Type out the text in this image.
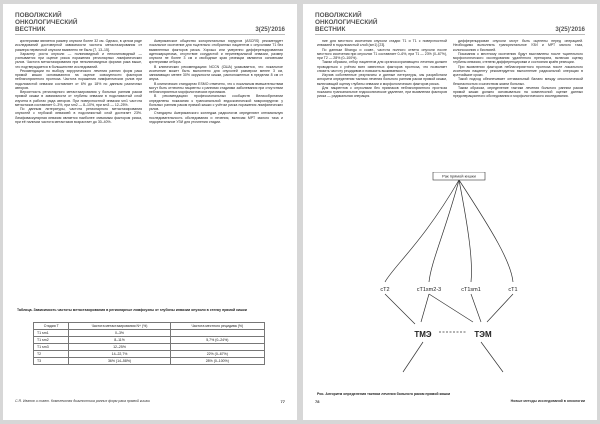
ПОВОЛЖСКИЙ
ОНКОЛОГИЧЕСКИЙ
ВЕСТНИК	3(25)'2016

критериями является размер опухоли более 32 см. Однако, в целом ряде исследований достоверной зависимости частоты метастазирования от размера первичной опухоли выявлено не было [7, 13–15].

Характер роста опухоли — полиповидный и неполиповидный — учитывается при оценке риска поражения регионарных лимфатических узлов. Частота метастазирования при неполиповидных формах рака выше, что подтверждается в большинстве исследований.

Рекомендации по выбору хирургического лечения ранних форм рака прямой кишки основываются на оценке совокупности факторов неблагоприятного прогноза. Частота поражения лимфатических узлов при подслизистой инвазии составляет от 6% до 18% по данным различных авторов.

Вероятность регионарного метастазирования у больных ранним раком прямой кишки в зависимости от глубины инвазии в подслизистый слой изучена в работах ряда авторов. При поверхностной инвазии sm1 частота метастазов составляет 0–3%, при sm2 — 8–10%, при sm3 — 12–25%.

По данным литературы, частота регионарного метастазирования опухолей с глубокой инвазией в подслизистый слой достигает 23%. Лимфоваскулярная инвазия является наиболее значимым фактором риска, при её наличии частота метастазов возрастает до 30–40%.

Американское общество колоректальных хирургов (ASCRS) рекомендует локальное иссечение для тщательно отобранных пациентов с опухолями T1 без выявленных факторов риска. Хорошо или умеренно дифференцированная аденокарцинома, отсутствие сосудистой и периневральной инвазии, размер опухоли не более 3 см и свободные края резекции являются основными критериями отбора.

В клинических рекомендациях NCCN (США) указывается, что локальное иссечение может быть выполнено для опухолей размером менее 3 см, занимающих менее 30% окружности кишки, расположенных в пределах 8 см от ануса.

В клинических стандартах ESMO отмечено, что к локальным вмешательствам могут быть отнесены пациенты с ранними стадиями заболевания при отсутствии неблагоприятных морфологических признаков.

В рекомендациях профессиональных сообществ Великобритании определены показания к трансанальной эндоскопической микрохирургии у больных ранним раком прямой кишки с учётом риска поражения лимфатических узлов.

Стандарты Американского колледжа радиологов определяют оптимальную последовательность обследования и лечения, включая МРТ малого таза и эндоректальное УЗИ для уточнения стадии.

Таблица. Зависимость частоты метастазирования в регионарные лимфоузлы от глубины инвазии опухоли в стенку прямой кишки
Стадия T	Частота метастазирования N+ (%)	Частота местного рецидива (%)
T1 sm1	0–3%	
T1 sm2	8–11%	5,7% (0–24%)
T1 sm3	12–25%	
T2	14–22,7%	22% (0–67%)
T3	36% (14–58%)	28% (0–100%)
С.Я. Иванов и соавт. Комплексная диагностика ранних форм рака прямой кишки	77
ПОВОЛЖСКИЙ
ОНКОЛОГИЧЕСКИЙ
ВЕСТНИК	3(25)'2016

ние для местного иссечения опухоли стадии T1 и T1 с поверхностной инвазией в подслизистый слой (sm1) [23].

По данным Bhangu и соавт., частота полного ответа опухоли после местного иссечения при опухолях T1 составляет 0–6%, при T1 — 23% (0–67%), при T2 — 28% (0–100%).

Таким образом, отбор пациентов для органосохраняющего лечения должен проводиться с учётом всех известных факторов прогноза, что позволяет снизить частоту рецидивов и повысить выживаемость.

Изучив собственные результаты и данные литературы, мы разработали алгоритм определения тактики лечения больного ранним раком прямой кишки, включающий оценку глубины инвазии и морфологических факторов риска.

Для пациентов с опухолями без признаков неблагоприятного прогноза показано трансанальное эндоскопическое удаление, при выявлении факторов риска — радикальная операция.

дифференцирован опухоли могут быть оценены перед операцией. Необходимо выполнять трансректальное УЗИ и МРТ малого таза, колоноскопию с биопсией.

Показания к местному иссечению будут выставлены после тщательного морфологического исследования удалённого препарата, включая оценку глубины инвазии, степени дифференцировки и состояния краёв резекции.

При выявлении факторов неблагоприятного прогноза после локального иссечения пациенту рекомендуется выполнение радикальной операции в кратчайшие сроки.

Такой подход обеспечивает оптимальный баланс между онкологической безопасностью и качеством жизни больных.

Таким образом, определение тактики лечения больного ранним раком прямой кишки должно основываться на комплексной оценке данных предоперационного обследования и морфологического исследования.

Рак прямой кишки
cT2	cT1sm2-3	cT1sm1	cT1
ТМЭ	ТЭМ
Рис. Алгоритм определения тактики лечения больного раком прямой кишки
78	Новые методы исследований в онкологии
